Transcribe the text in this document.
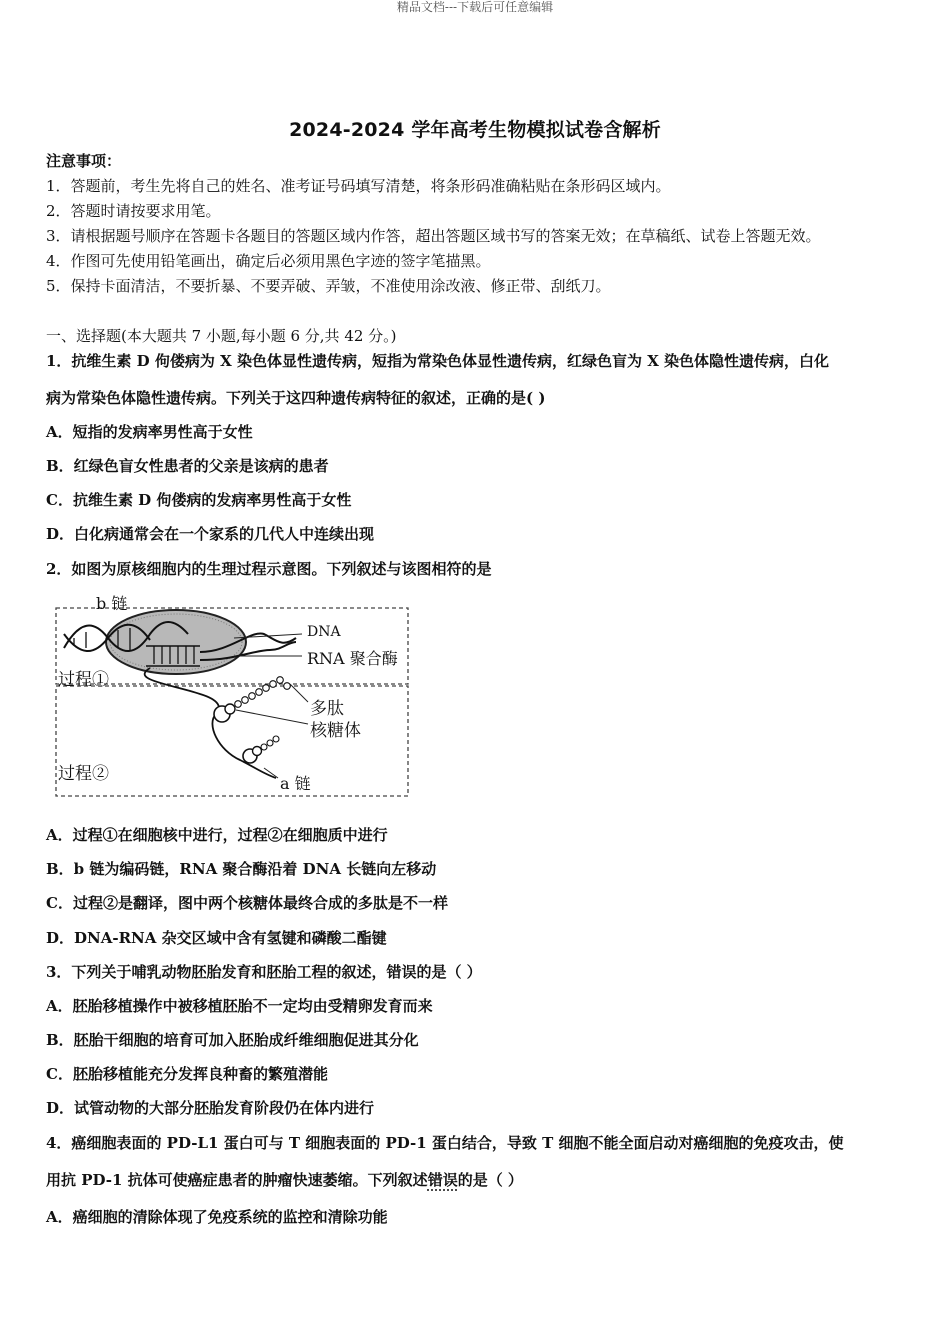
精品文档---下载后可任意编辑
2024-2024 学年高考生物模拟试卷含解析
注意事项：
1．答题前，考生先将自己的姓名、准考证号码填写清楚，将条形码准确粘贴在条形码区域内。
2．答题时请按要求用笔。
3．请根据题号顺序在答题卡各题目的答题区域内作答，超出答题区域书写的答案无效；在草稿纸、试卷上答题无效。
4．作图可先使用铅笔画出，确定后必须用黑色字迹的签字笔描黑。
5．保持卡面清洁，不要折暴、不要弄破、弄皱，不准使用涂改液、修正带、刮纸刀。
一、选择题(本大题共 7 小题,每小题 6 分,共 42 分。)
1．抗维生素 D 佝偻病为 X 染色体显性遗传病，短指为常染色体显性遗传病，红绿色盲为 X 染色体隐性遗传病，白化
病为常染色体隐性遗传病。下列关于这四种遗传病特征的叙述，正确的是( )
A．短指的发病率男性高于女性
B．红绿色盲女性患者的父亲是该病的患者
C．抗维生素 D 佝偻病的发病率男性高于女性
D．白化病通常会在一个家系的几代人中连续出现
2．如图为原核细胞内的生理过程示意图。下列叙述与该图相符的是
b 链
DNA
RNA 聚合酶
过程①
多肽
核糖体
过程②	a 链
A．过程①在细胞核中进行，过程②在细胞质中进行
B．b 链为编码链，RNA 聚合酶沿着 DNA 长链向左移动
C．过程②是翻译，图中两个核糖体最终合成的多肽是不一样
D．DNA-RNA 杂交区域中含有氢键和磷酸二酯键
3．下列关于哺乳动物胚胎发育和胚胎工程的叙述，错误的是（ ）
A．胚胎移植操作中被移植胚胎不一定均由受精卵发育而来
B．胚胎干细胞的培育可加入胚胎成纤维细胞促进其分化
C．胚胎移植能充分发挥良种畜的繁殖潜能
D．试管动物的大部分胚胎发育阶段仍在体内进行
4．癌细胞表面的 PD-L1 蛋白可与 T 细胞表面的 PD-1 蛋白结合，导致 T 细胞不能全面启动对癌细胞的免疫攻击，使
用抗 PD-1 抗体可使癌症患者的肿瘤快速萎缩。下列叙述错误的是（ ）
A．癌细胞的清除体现了免疫系统的监控和清除功能
